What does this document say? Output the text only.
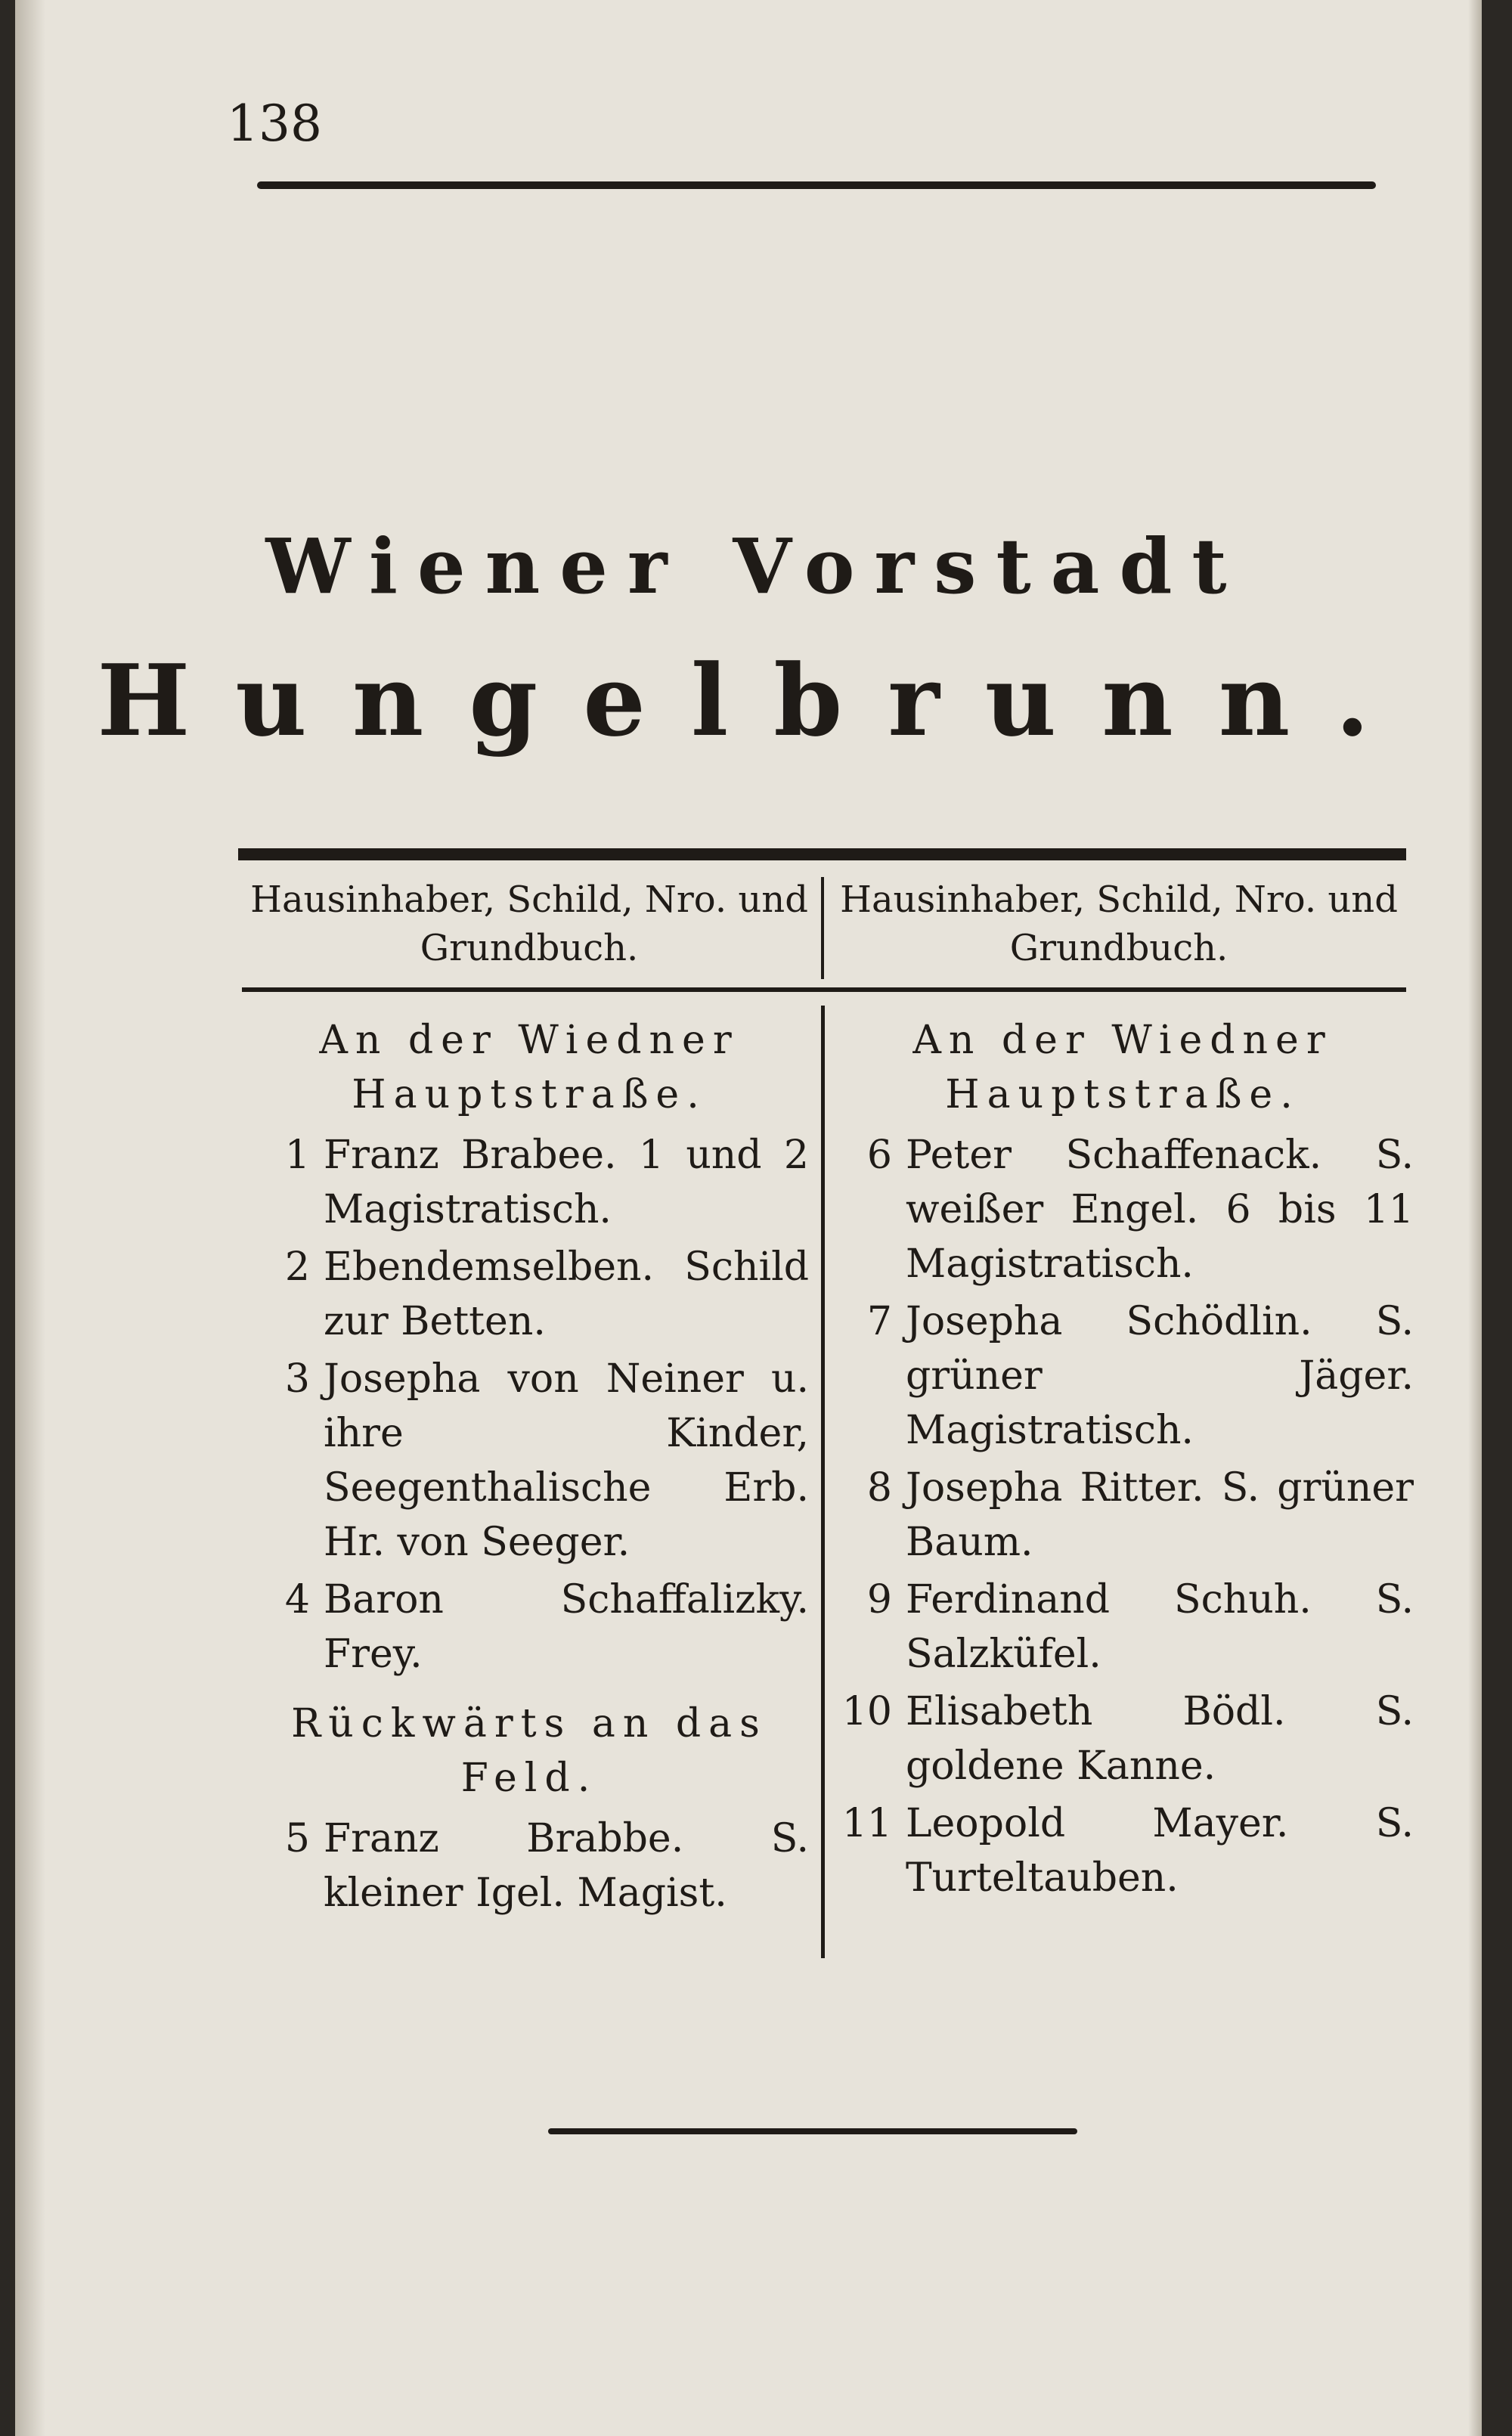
138
Wiener Vorstadt
Hungelbrunn.
Hausinhaber, Schild, Nro. und Grundbuch.
Hausinhaber, Schild, Nro. und Grundbuch.
An der Wiedner Hauptstraße.
1 Franz Brabee. 1 und 2 Magistratisch.
2 Ebendemselben. Schild zur Betten.
3 Josepha von Neiner u. ihre Kinder, Seegenthalische Erb. Hr. von Seeger.
4 Baron Schaffalizky. Frey.
Rückwärts an das Feld.
5 Franz Brabbe. S. kleiner Igel. Magist.
An der Wiedner Hauptstraße.
6 Peter Schaffenack. S. weißer Engel. 6 bis 11 Magistratisch.
7 Josepha Schödlin. S. grüner Jäger. Magistratisch.
8 Josepha Ritter. S. grüner Baum.
9 Ferdinand Schuh. S. Salzküfel.
10 Elisabeth Bödl. S. goldene Kanne.
11 Leopold Mayer. S. Turteltauben.
